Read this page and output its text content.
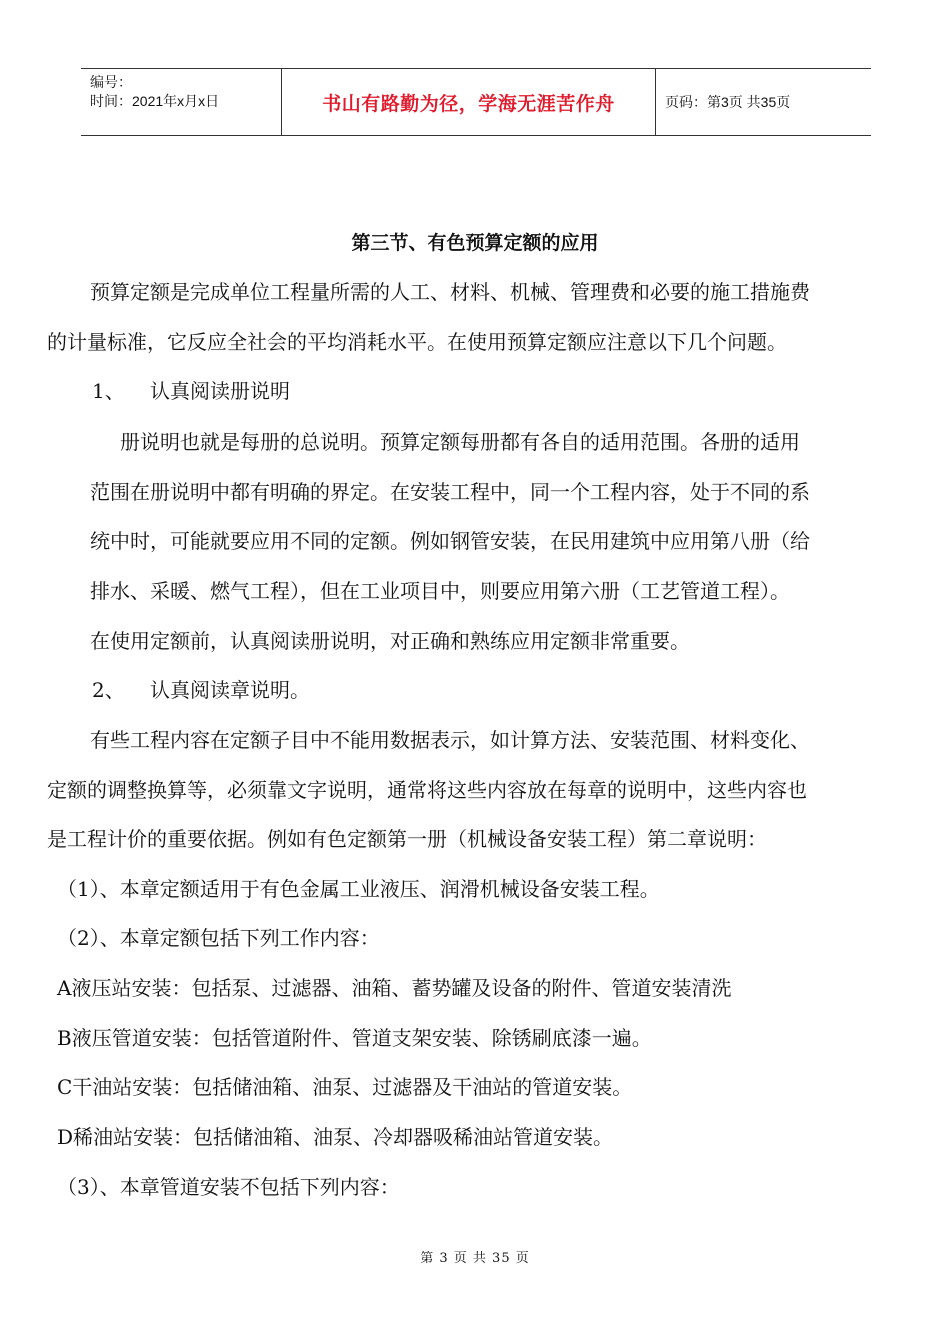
编号：
时间：2021年x月x日	书山有路勤为径，学海无涯苦作舟	页码：第3页 共35页
第三节、有色预算定额的应用
预算定额是完成单位工程量所需的人工、材料、机械、管理费和必要的施工措施费
的计量标准，它反应全社会的平均消耗水平。在使用预算定额应注意以下几个问题。
1、 认真阅读册说明
册说明也就是每册的总说明。预算定额每册都有各自的适用范围。各册的适用
范围在册说明中都有明确的界定。在安装工程中，同一个工程内容，处于不同的系
统中时，可能就要应用不同的定额。例如钢管安装，在民用建筑中应用第八册（给
排水、采暖、燃气工程），但在工业项目中，则要应用第六册（工艺管道工程）。
在使用定额前，认真阅读册说明，对正确和熟练应用定额非常重要。
2、 认真阅读章说明。
有些工程内容在定额子目中不能用数据表示，如计算方法、安装范围、材料变化、
定额的调整换算等，必须靠文字说明，通常将这些内容放在每章的说明中，这些内容也
是工程计价的重要依据。例如有色定额第一册（机械设备安装工程）第二章说明：
（1）、本章定额适用于有色金属工业液压、润滑机械设备安装工程。
（2）、本章定额包括下列工作内容：
A液压站安装：包括泵、过滤器、油箱、蓄势罐及设备的附件、管道安装清洗
B液压管道安装：包括管道附件、管道支架安装、除锈刷底漆一遍。
C干油站安装：包括储油箱、油泵、过滤器及干油站的管道安装。
D稀油站安装：包括储油箱、油泵、冷却器吸稀油站管道安装。
（3）、本章管道安装不包括下列内容：
第 3 页 共 35 页
